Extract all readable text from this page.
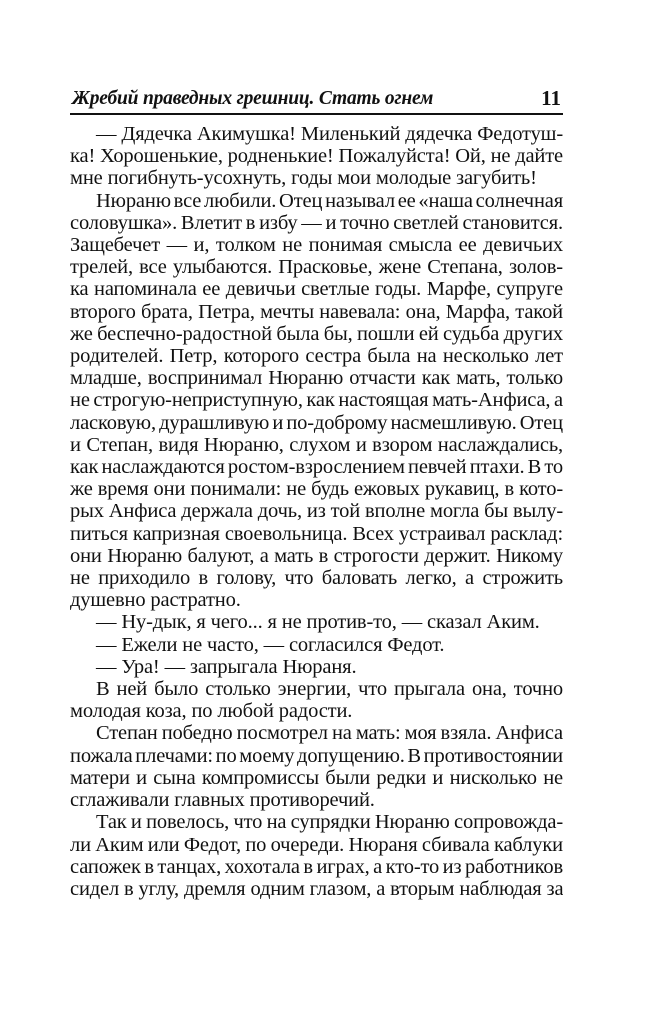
Жребий праведных грешниц. Стать огнем	11

— Дядечка Акимушка! Миленький дядечка Федотуш-
ка! Хорошенькие, родненькие! Пожалуйста! Ой, не дайте
мне погибнуть-усохнуть, годы мои молодые загубить!

Нюраню все любили. Отец называл ее «наша солнечная
соловушка». Влетит в избу — и точно светлей становится.
Защебечет — и, толком не понимая смысла ее девичьих
трелей, все улыбаются. Прасковье, жене Степана, золов-
ка напоминала ее девичьи светлые годы. Марфе, супруге
второго брата, Петра, мечты навевала: она, Марфа, такой
же беспечно-радостной была бы, пошли ей судьба других
родителей. Петр, которого сестра была на несколько лет
младше, воспринимал Нюраню отчасти как мать, только
не строгую-неприступную, как настоящая мать-Анфиса, а
ласковую, дурашливую и по-доброму насмешливую. Отец
и Степан, видя Нюраню, слухом и взором наслаждались,
как наслаждаются ростом-взрослением певчей птахи. В то
же время они понимали: не будь ежовых рукавиц, в кото-
рых Анфиса держала дочь, из той вполне могла бы вылу-
питься капризная своевольница. Всех устраивал расклад:
они Нюраню балуют, а мать в строгости держит. Никому
не приходило в голову, что баловать легко, а строжить
душевно растратно.

— Ну-дык, я чего... я не против-то, — сказал Аким.

— Ежели не часто, — согласился Федот.

— Ура! — запрыгала Нюраня.

В ней было столько энергии, что прыгала она, точно
молодая коза, по любой радости.

Степан победно посмотрел на мать: моя взяла. Анфиса
пожала плечами: по моему допущению. В противостоянии
матери и сына компромиссы были редки и нисколько не
сглаживали главных противоречий.

Так и повелось, что на супрядки Нюраню сопровожда-
ли Аким или Федот, по очереди. Нюраня сбивала каблуки
сапожек в танцах, хохотала в играх, а кто-то из работников
сидел в углу, дремля одним глазом, а вторым наблюдая за
